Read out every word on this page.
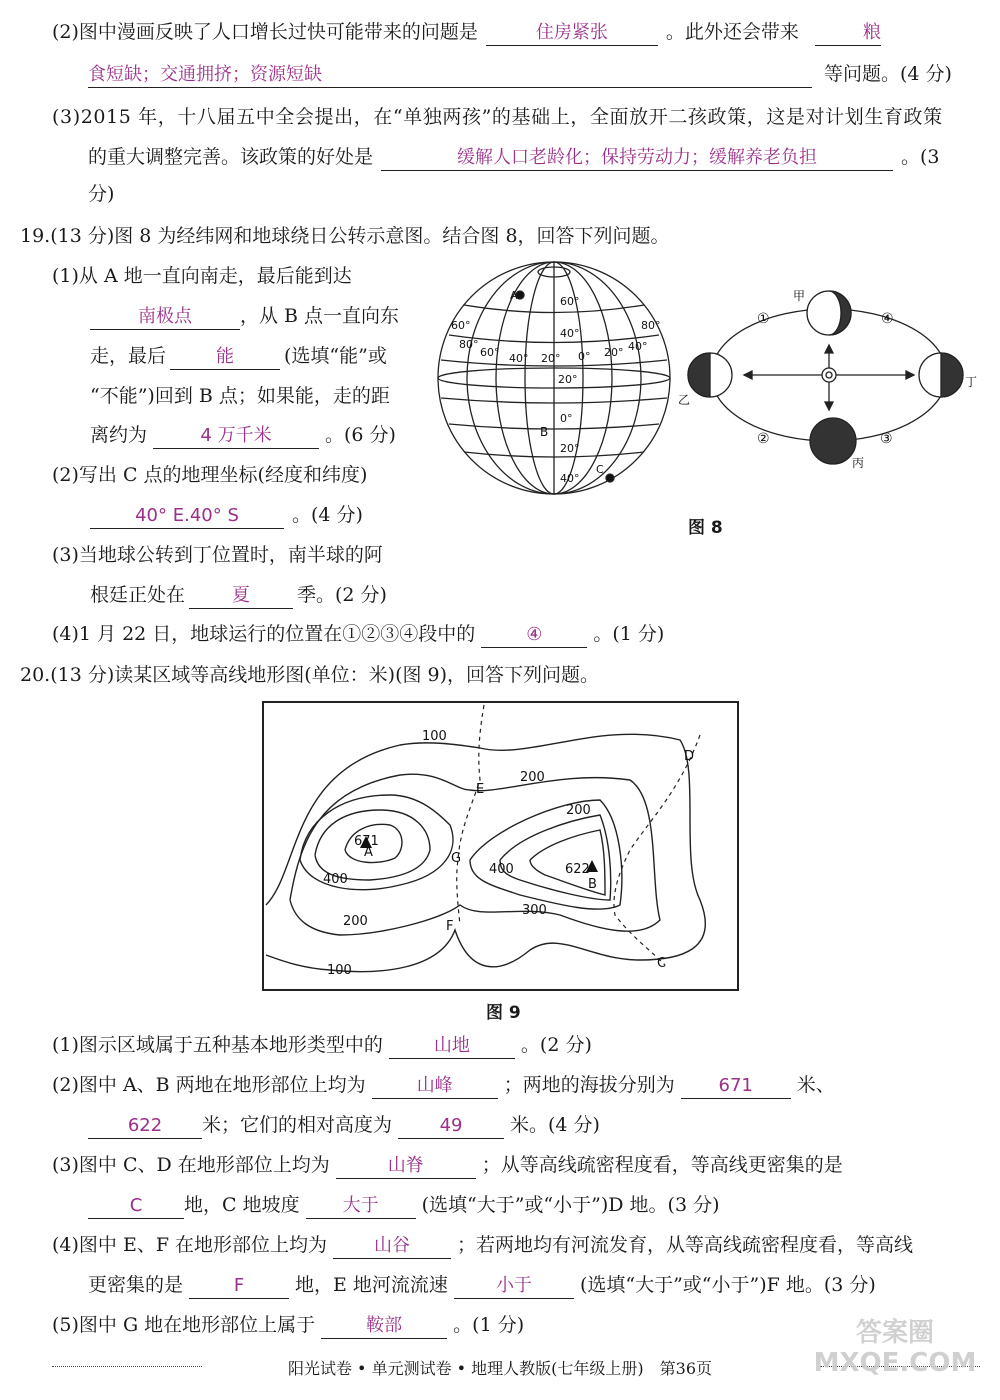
(2)图中漫画反映了人口增长过快可能带来的问题是	住房紧张	。此外还会带来	粮
食短缺；交通拥挤；资源短缺	等问题。(4 分)
(3)2015 年，十八届五中全会提出，在“单独两孩”的基础上，全面放开二孩政策，这是对计划生育政策
的重大调整完善。该政策的好处是	缓解人口老龄化；保持劳动力；缓解养老负担	。(3
分)
19.(13 分)图 8 为经纬网和地球绕日公转示意图。结合图 8，回答下列问题。
(1)从 A 地一直向南走，最后能到达
南极点	，从 B 点一直向东
走，最后	能	(选填“能”或
“不能”)回到 B 点；如果能，走的距
离约为	4 万千米	。(6 分)
(2)写出 C 点的地理坐标(经度和纬度)
40° E.40° S	。(4 分)
(3)当地球公转到丁位置时，南半球的阿
根廷正处在	夏 季。(2 分)
(4)1 月 22 日，地球运行的位置在①②③④段中的	④	。(1 分)
A
B
C
60°
40°
20°
0°
20°
40°
60°	80°
80°
60° 40° 20° 0° 20° 40°
甲
乙
丙
丁
①
②	③
④
图 8
20.(13 分)读某区域等高线地形图(单位：米)(图 9)，回答下列问题。
100
200
400
200
100
200
400
300
A
B
C
D
E
F
G
671
622
图 9
(1)图示区域属于五种基本地形类型中的	山地	。(2 分)
(2)图中 A、B 两地在地形部位上均为	山峰	；两地的海拔分别为 671 米、
622 米；它们的相对高度为	49	米。(4 分)
(3)图中 C、D 在地形部位上均为	山脊	；从等高线疏密程度看，等高线更密集的是
C 地，C 地坡度 大于 (选填“大于”或“小于”)D 地。(3 分)
(4)图中 E、F 在地形部位上均为	山谷 ；若两地均有河流发育，从等高线疏密程度看，等高线
更密集的是	F	地，E 地河流流速	小于	(选填“大于”或“小于”)F 地。(3 分)
(5)图中 G 地在地形部位上属于	鞍部	。(1 分)
阳光试卷 • 单元测试卷 • 地理人教版(七年级上册)　第36页
答案圈 MXQE.COM
